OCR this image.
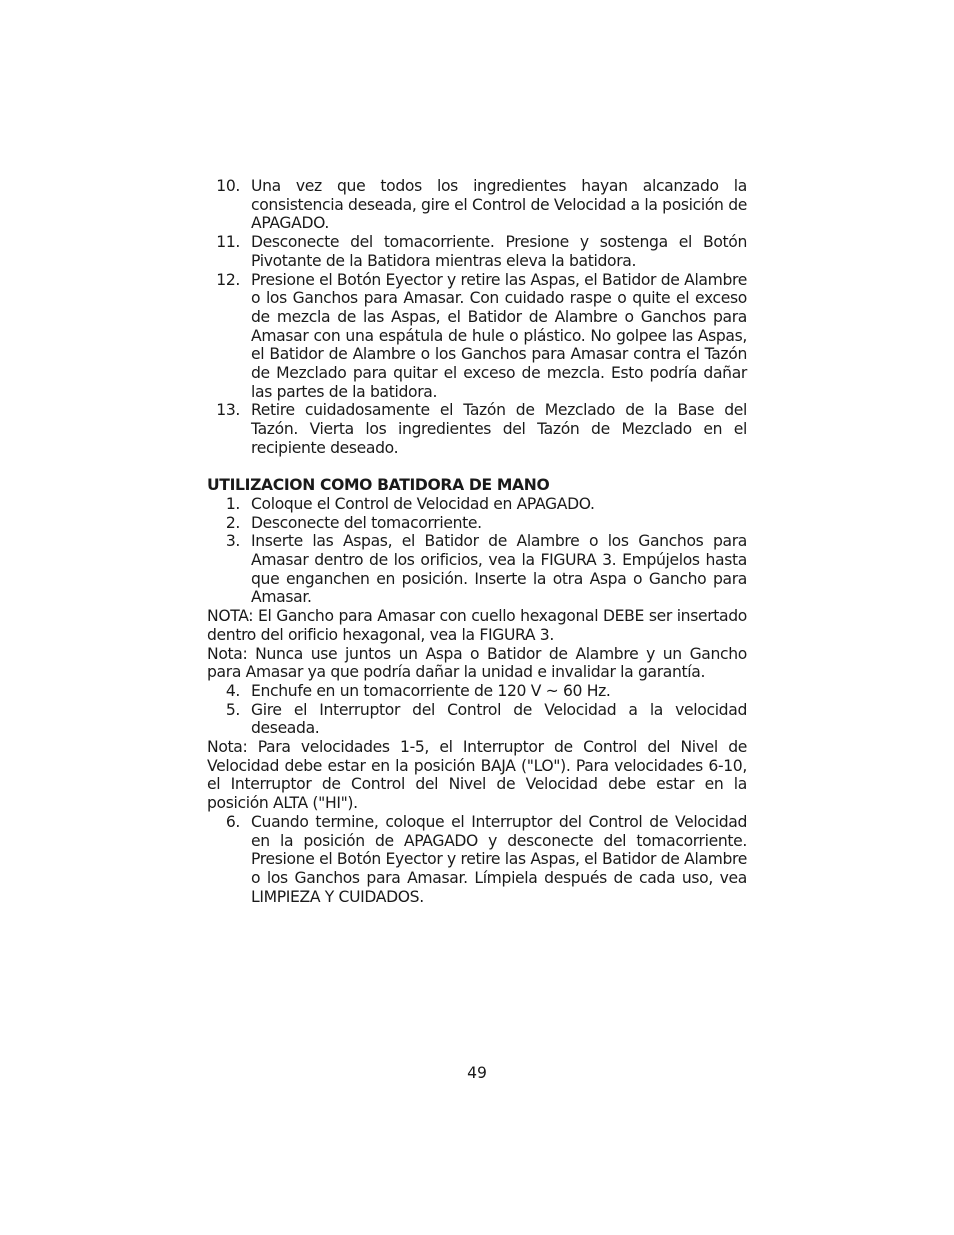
10. Una vez que todos los ingredientes hayan alcanzado la consistencia deseada, gire el Control de Velocidad a la posición de APAGADO.
11. Desconecte del tomacorriente. Presione y sostenga el Botón Pivotante de la Batidora mientras eleva la batidora.
12. Presione el Botón Eyector y retire las Aspas, el Batidor de Alambre o los Ganchos para Amasar. Con cuidado raspe o quite el exceso de mezcla de las Aspas, el Batidor de Alambre o Ganchos para Amasar con una espátula de hule o plástico. No golpee las Aspas, el Batidor de Alambre o los Ganchos para Amasar contra el Tazón de Mezclado para quitar el exceso de mezcla. Esto podría dañar las partes de la batidora.
13. Retire cuidadosamente el Tazón de Mezclado de la Base del Tazón. Vierta los ingredientes del Tazón de Mezclado en el recipiente deseado.
UTILIZACION COMO BATIDORA DE MANO
1. Coloque el Control de Velocidad en APAGADO.
2. Desconecte del tomacorriente.
3. Inserte las Aspas, el Batidor de Alambre o los Ganchos para Amasar dentro de los orificios, vea la FIGURA 3. Empújelos hasta que enganchen en posición. Inserte la otra Aspa o Gancho para Amasar.
NOTA: El Gancho para Amasar con cuello hexagonal DEBE ser insertado dentro del orificio hexagonal, vea la FIGURA 3.
Nota: Nunca use juntos un Aspa o Batidor de Alambre y un Gancho para Amasar ya que podría dañar la unidad e invalidar la garantía.
4. Enchufe en un tomacorriente de 120 V ~ 60 Hz.
5. Gire el Interruptor del Control de Velocidad a la velocidad deseada.
Nota: Para velocidades 1-5, el Interruptor de Control del Nivel de Velocidad debe estar en la posición BAJA ("LO"). Para velocidades 6-10, el Interruptor de Control del Nivel de Velocidad debe estar en la posición ALTA ("HI").
6. Cuando termine, coloque el Interruptor del Control de Velocidad en la posición de APAGADO y desconecte del tomacorriente. Presione el Botón Eyector y retire las Aspas, el Batidor de Alambre o los Ganchos para Amasar. Límpiela después de cada uso, vea LIMPIEZA Y CUIDADOS.
49
